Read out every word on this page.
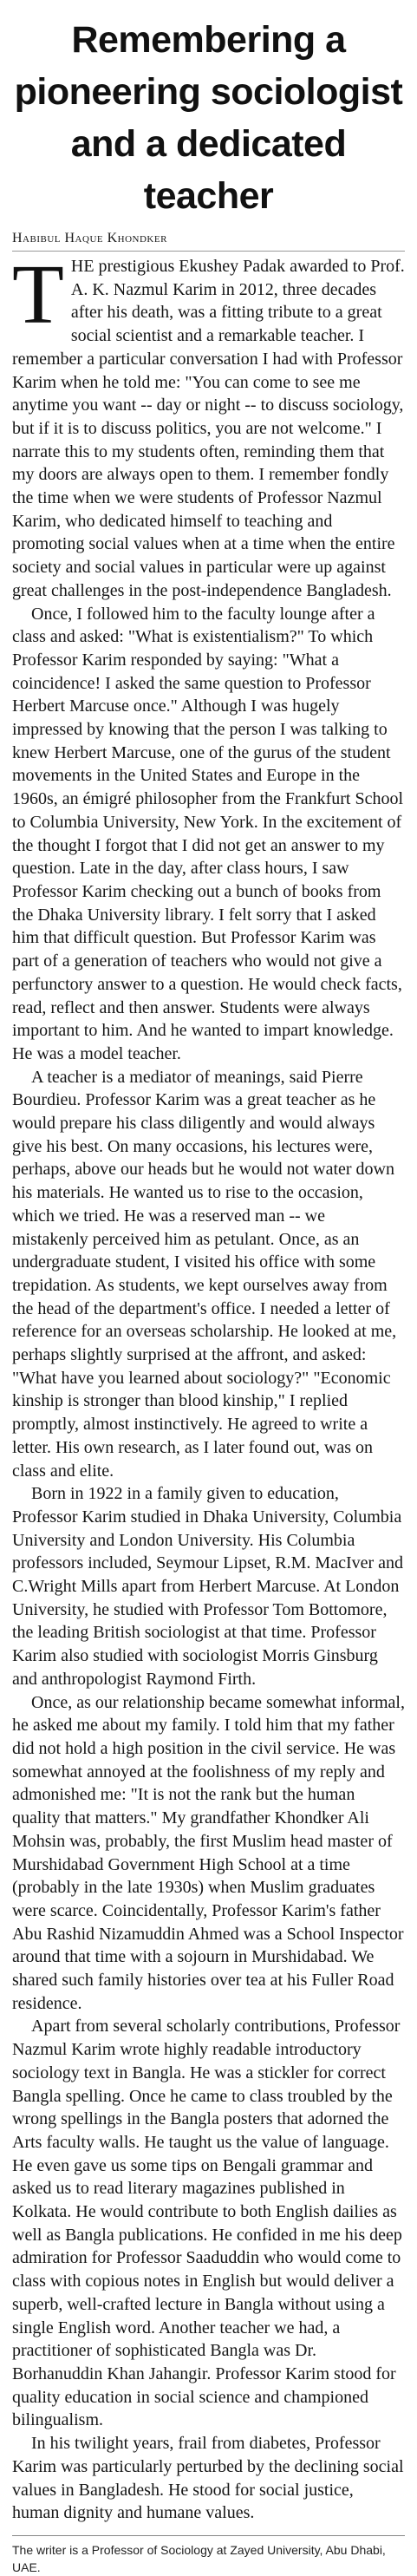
Remembering a
pioneering sociologist
and a dedicated teacher
Habibul Haque Khondker

THE prestigious Ekushey Padak awarded to Prof. A. K. Nazmul Karim in 2012, three decades after his death, was a fitting tribute to a great social scientist and a remarkable teacher. I remember a particular conversation I had with Professor Karim when he told me: "You can come to see me anytime you want -- day or night -- to discuss sociology, but if it is to discuss politics, you are not welcome." I narrate this to my students often, reminding them that my doors are always open to them. I remember fondly the time when we were students of Professor Nazmul Karim, who dedicated himself to teaching and promoting social values when at a time when the entire society and social values in particular were up against great challenges in the post-independence Bangladesh.

Once, I followed him to the faculty lounge after a class and asked: "What is existentialism?" To which Professor Karim responded by saying: "What a coincidence! I asked the same question to Professor Herbert Marcuse once." Although I was hugely impressed by knowing that the person I was talking to knew Herbert Marcuse, one of the gurus of the student movements in the United States and Europe in the 1960s, an émigré philosopher from the Frankfurt School to Columbia University, New York. In the excitement of the thought I forgot that I did not get an answer to my question. Late in the day, after class hours, I saw Professor Karim checking out a bunch of books from the Dhaka University library. I felt sorry that I asked him that difficult question. But Professor Karim was part of a generation of teachers who would not give a perfunctory answer to a question. He would check facts, read, reflect and then answer. Students were always important to him. And he wanted to impart knowledge. He was a model teacher.

A teacher is a mediator of meanings, said Pierre Bourdieu. Professor Karim was a great teacher as he would prepare his class diligently and would always give his best. On many occasions, his lectures were, perhaps, above our heads but he would not water down his materials. He wanted us to rise to the occasion, which we tried. He was a reserved man -- we mistakenly perceived him as petulant. Once, as an undergraduate student, I visited his office with some trepidation. As students, we kept ourselves away from the head of the department's office. I needed a letter of reference for an overseas scholarship. He looked at me, perhaps slightly surprised at the affront, and asked: "What have you learned about sociology?" "Economic kinship is stronger than blood kinship," I replied promptly, almost instinctively. He agreed to write a letter. His own research, as I later found out, was on class and elite.

Born in 1922 in a family given to education, Professor Karim studied in Dhaka University, Columbia University and London University. His Columbia professors included, Seymour Lipset, R.M. MacIver and C.Wright Mills apart from Herbert Marcuse. At London University, he studied with Professor Tom Bottomore, the leading British sociologist at that time. Professor Karim also studied with sociologist Morris Ginsburg and anthropologist Raymond Firth.

Once, as our relationship became somewhat informal, he asked me about my family. I told him that my father did not hold a high position in the civil service. He was somewhat annoyed at the foolishness of my reply and admonished me: "It is not the rank but the human quality that matters." My grandfather Khondker Ali Mohsin was, probably, the first Muslim head master of Murshidabad Government High School at a time (probably in the late 1930s) when Muslim graduates were scarce. Coincidentally, Professor Karim's father Abu Rashid Nizamuddin Ahmed was a School Inspector around that time with a sojourn in Murshidabad. We shared such family histories over tea at his Fuller Road residence.

Apart from several scholarly contributions, Professor Nazmul Karim wrote highly readable introductory sociology text in Bangla. He was a stickler for correct Bangla spelling. Once he came to class troubled by the wrong spellings in the Bangla posters that adorned the Arts faculty walls. He taught us the value of language. He even gave us some tips on Bengali grammar and asked us to read literary magazines published in Kolkata. He would contribute to both English dailies as well as Bangla publications. He confided in me his deep admiration for Professor Saaduddin who would come to class with copious notes in English but would deliver a superb, well-crafted lecture in Bangla without using a single English word. Another teacher we had, a practitioner of sophisticated Bangla was Dr. Borhanuddin Khan Jahangir. Professor Karim stood for quality education in social science and championed bilingualism.

In his twilight years, frail from diabetes, Professor Karim was particularly perturbed by the declining social values in Bangladesh. He stood for social justice, human dignity and humane values.

The writer is a Professor of Sociology at Zayed University, Abu Dhabi, UAE.
